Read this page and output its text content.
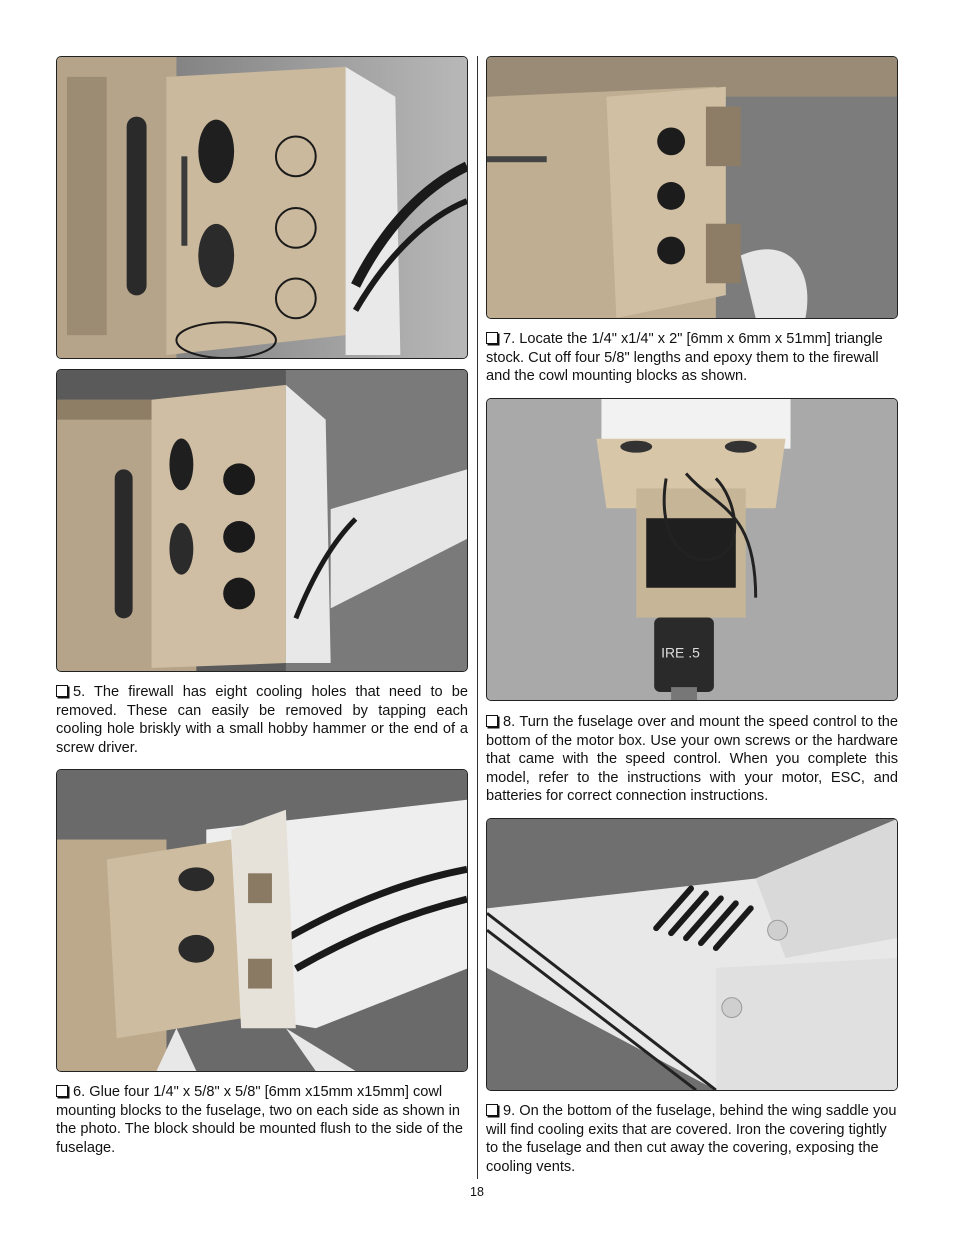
5. The firewall has eight cooling holes that need to be removed. These can easily be removed by tapping each cooling hole briskly with a small hobby hammer or the end of a screw driver.

6. Glue four 1/4" x 5/8" x 5/8" [6mm x15mm x15mm] cowl mounting blocks to the fuselage, two on each side as shown in the photo. The block should be mounted flush to the side of the fuselage.

7. Locate the 1/4" x1/4" x 2" [6mm x 6mm x 51mm] triangle stock. Cut off four 5/8" lengths and epoxy them to the firewall and the cowl mounting blocks as shown.

IRE .5

8. Turn the fuselage over and mount the speed control to the bottom of the motor box. Use your own screws or the hardware that came with the speed control. When you complete this model, refer to the instructions with your motor, ESC, and batteries for correct connection instructions.

9. On the bottom of the fuselage, behind the wing saddle you will find cooling exits that are covered. Iron the covering tightly to the fuselage and then cut away the covering, exposing the cooling vents.

18
